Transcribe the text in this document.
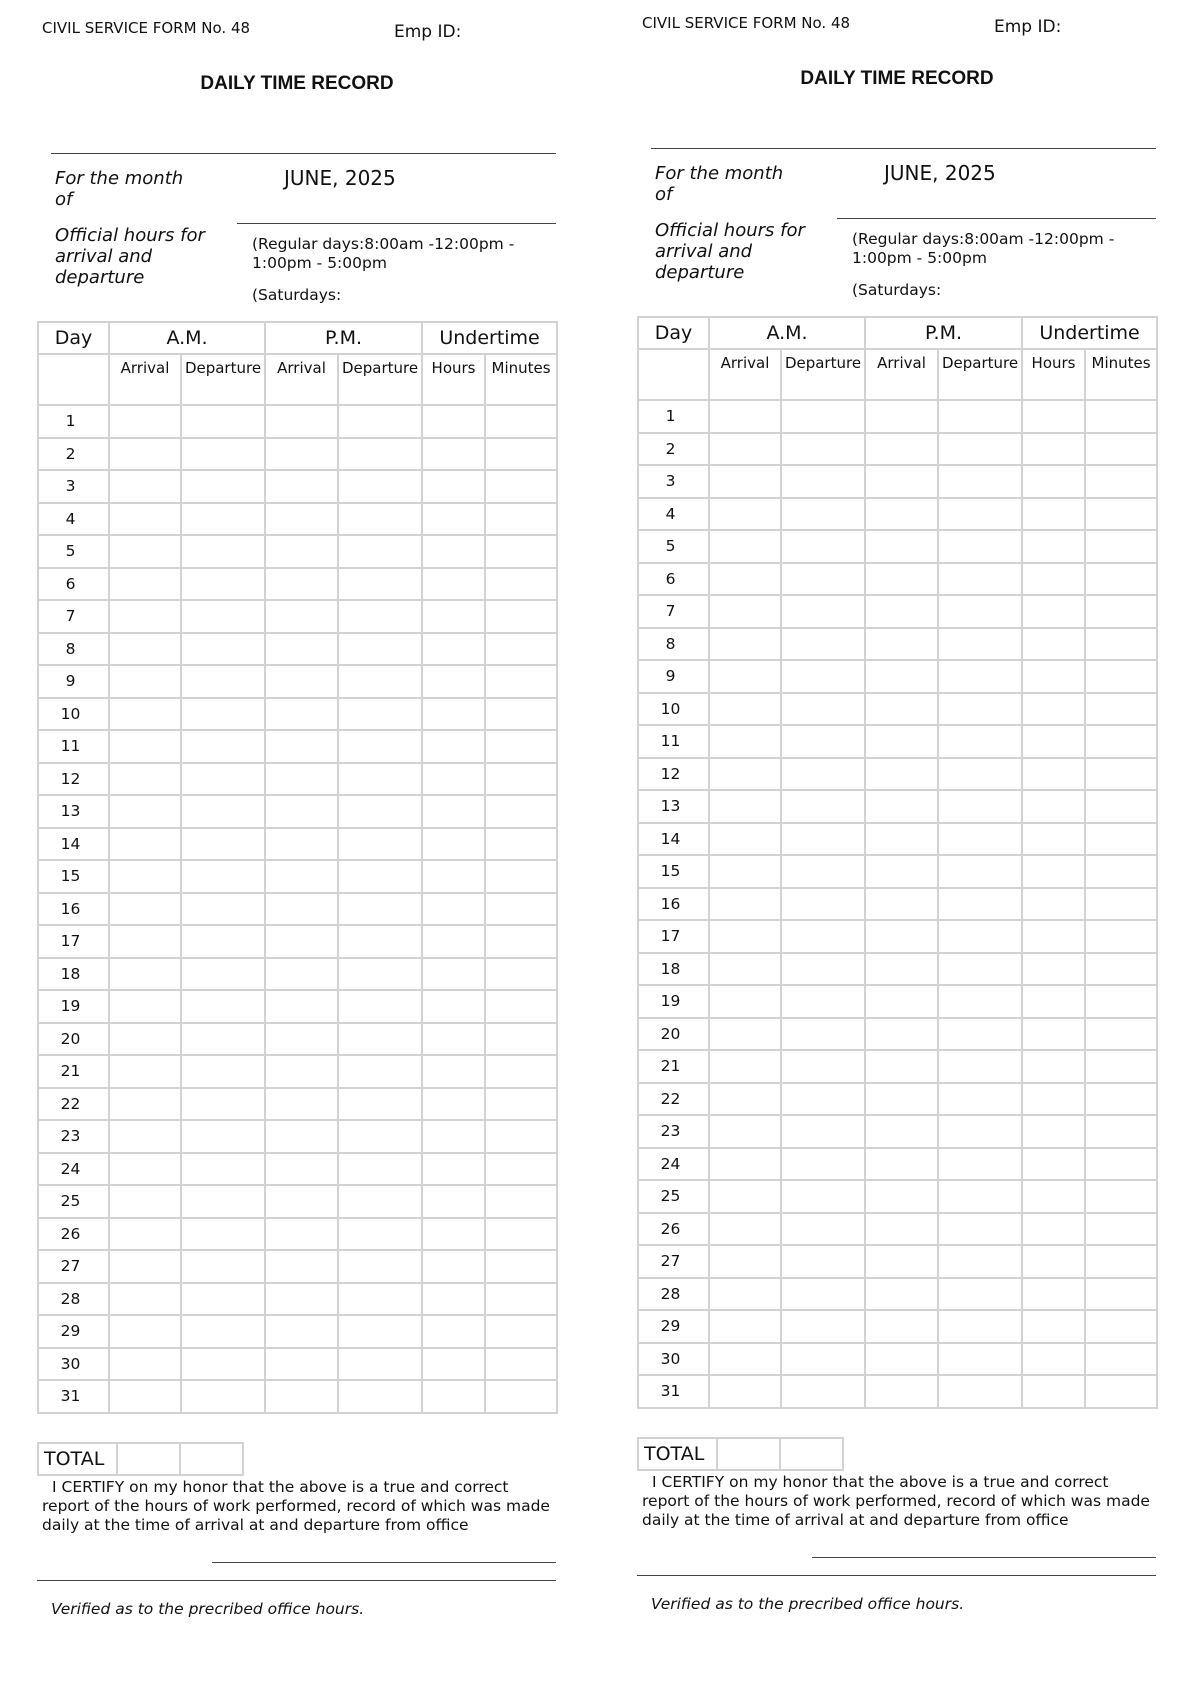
CIVIL SERVICE FORM No. 48	Emp ID:
DAILY TIME RECORD
For the month of
JUNE, 2025
Official hours for arrival and departure
(Regular days:8:00am -12:00pm - 1:00pm - 5:00pm
(Saturdays:
Day	A.M.		P.M.		Undertime	
	Arrival	Departure	Arrival	Departure	Hours	Minutes
1						
2						
3						
4						
5						
6						
7						
8						
9						
10						
11						
12						
13						
14						
15						
16						
17						
18						
19						
20						
21						
22						
23						
24						
25						
26						
27						
28						
29						
30						
31						
TOTAL		
I CERTIFY on my honor that the above is a true and correct report of the hours of work performed, record of which was made daily at the time of arrival at and departure from office
Verified as to the precribed office hours.
CIVIL SERVICE FORM No. 48	Emp ID:
DAILY TIME RECORD
For the month of
JUNE, 2025
Official hours for arrival and departure
(Regular days:8:00am -12:00pm - 1:00pm - 5:00pm
(Saturdays:
Day	A.M.		P.M.		Undertime	
	Arrival	Departure	Arrival	Departure	Hours	Minutes
1						
2						
3						
4						
5						
6						
7						
8						
9						
10						
11						
12						
13						
14						
15						
16						
17						
18						
19						
20						
21						
22						
23						
24						
25						
26						
27						
28						
29						
30						
31						
TOTAL		
I CERTIFY on my honor that the above is a true and correct report of the hours of work performed, record of which was made daily at the time of arrival at and departure from office
Verified as to the precribed office hours.
